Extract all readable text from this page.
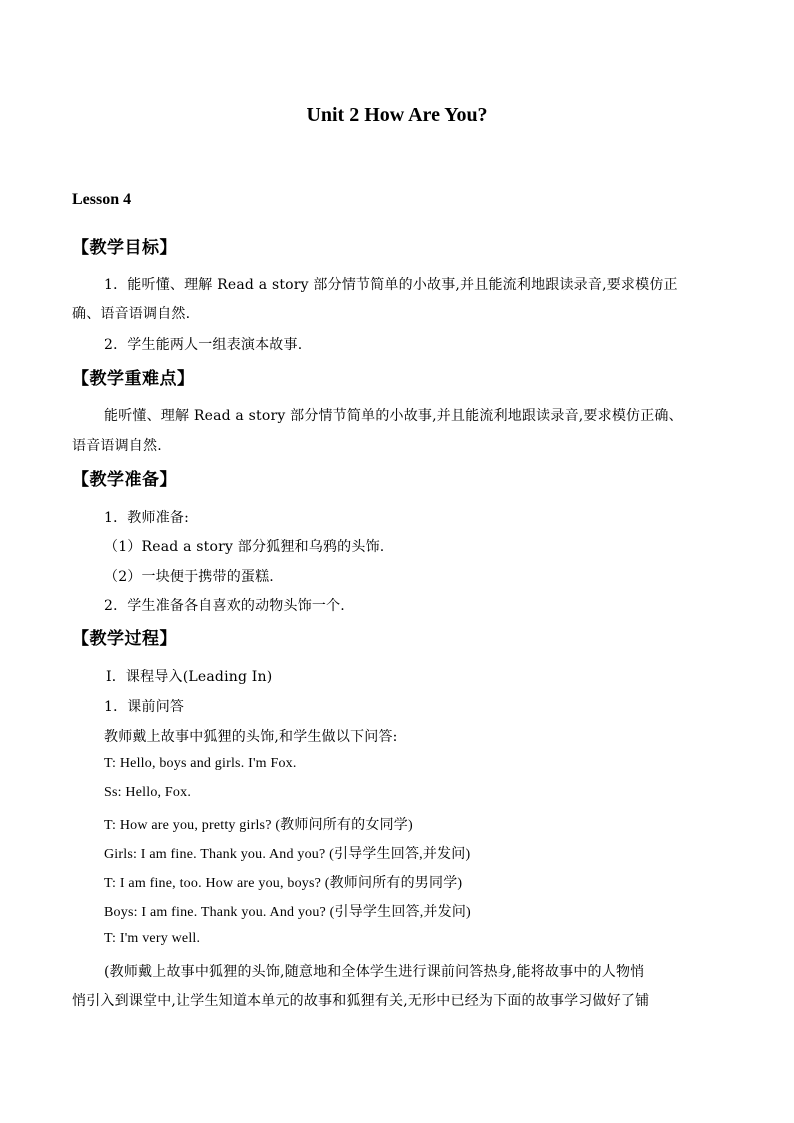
Unit 2 How Are You?
Lesson 4
【教学目标】
1．能听懂、理解 Read a story 部分情节简单的小故事,并且能流利地跟读录音,要求模仿正
确、语音语调自然.
2．学生能两人一组表演本故事.
【教学重难点】
能听懂、理解 Read a story 部分情节简单的小故事,并且能流利地跟读录音,要求模仿正确、
语音语调自然.
【教学准备】
1．教师准备:
（1）Read a story 部分狐狸和乌鸦的头饰.
（2）一块便于携带的蛋糕.
2．学生准备各自喜欢的动物头饰一个.
【教学过程】
Ⅰ．课程导入(Leading In)
1．课前问答
教师戴上故事中狐狸的头饰,和学生做以下问答:
T: Hello, boys and girls. I'm Fox.
Ss: Hello, Fox.
T: How are you, pretty girls? (教师问所有的女同学)
Girls: I am fine. Thank you. And you? (引导学生回答,并发问)
T: I am fine, too. How are you, boys? (教师问所有的男同学)
Boys: I am fine. Thank you. And you? (引导学生回答,并发问)
T: I'm very well.
(教师戴上故事中狐狸的头饰,随意地和全体学生进行课前问答热身,能将故事中的人物悄
悄引入到课堂中,让学生知道本单元的故事和狐狸有关,无形中已经为下面的故事学习做好了铺
